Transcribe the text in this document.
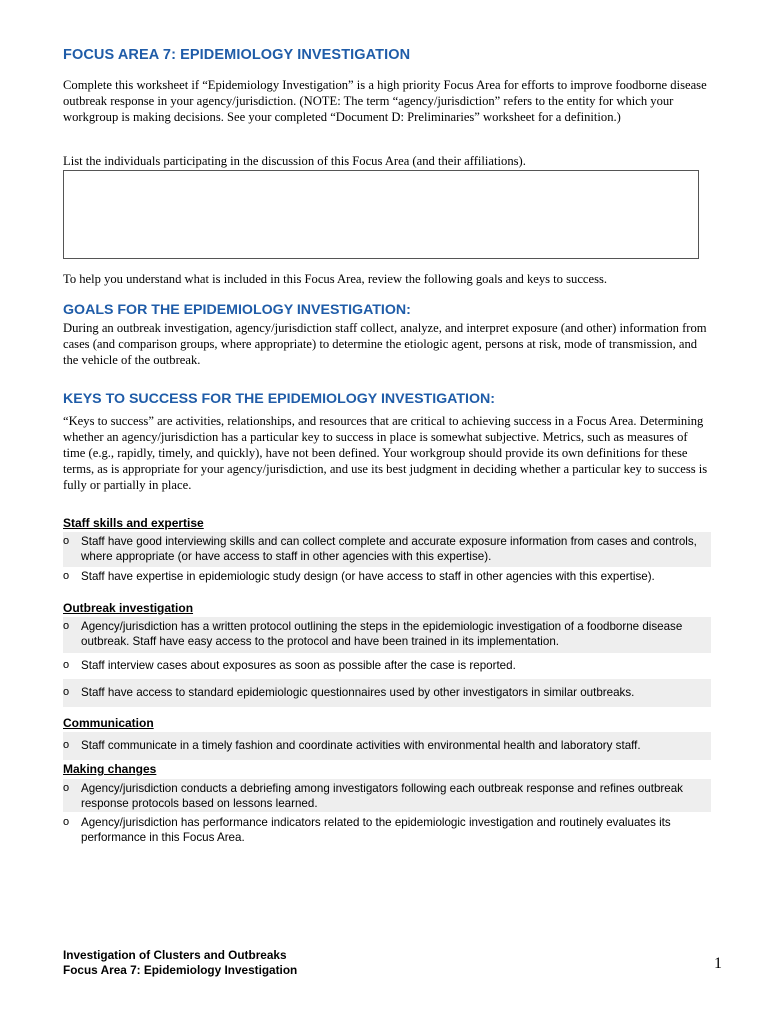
FOCUS AREA 7: EPIDEMIOLOGY INVESTIGATION
Complete this worksheet if “Epidemiology Investigation” is a high priority Focus Area for efforts to improve foodborne disease outbreak response in your agency/jurisdiction. (NOTE: The term “agency/jurisdiction” refers to the entity for which your workgroup is making decisions. See your completed “Document D: Preliminaries” worksheet for a definition.)
List the individuals participating in the discussion of this Focus Area (and their affiliations).
To help you understand what is included in this Focus Area, review the following goals and keys to success.
GOALS FOR THE EPIDEMIOLOGY INVESTIGATION:
During an outbreak investigation, agency/jurisdiction staff collect, analyze, and interpret exposure (and other) information from cases (and comparison groups, where appropriate) to determine the etiologic agent, persons at risk, mode of transmission, and the vehicle of the outbreak.
KEYS TO SUCCESS FOR THE EPIDEMIOLOGY INVESTIGATION:
“Keys to success” are activities, relationships, and resources that are critical to achieving success in a Focus Area. Determining whether an agency/jurisdiction has a particular key to success in place is somewhat subjective. Metrics, such as measures of time (e.g., rapidly, timely, and quickly), have not been defined. Your workgroup should provide its own definitions for these terms, as is appropriate for your agency/jurisdiction, and use its best judgment in deciding whether a particular key to success is fully or partially in place.
Staff skills and expertise
o	Staff have good interviewing skills and can collect complete and accurate exposure information from cases and controls, where appropriate (or have access to staff in other agencies with this expertise).
o	Staff have expertise in epidemiologic study design (or have access to staff in other agencies with this expertise).
Outbreak investigation
o	Agency/jurisdiction has a written protocol outlining the steps in the epidemiologic investigation of a foodborne disease outbreak. Staff have easy access to the protocol and have been trained in its implementation.
o	Staff interview cases about exposures as soon as possible after the case is reported.
o	Staff have access to standard epidemiologic questionnaires used by other investigators in similar outbreaks.
Communication
o	Staff communicate in a timely fashion and coordinate activities with environmental health and laboratory staff.
Making changes
o	Agency/jurisdiction conducts a debriefing among investigators following each outbreak response and refines outbreak response protocols based on lessons learned.
o	Agency/jurisdiction has performance indicators related to the epidemiologic investigation and routinely evaluates its performance in this Focus Area.
Investigation of Clusters and Outbreaks
Focus Area 7: Epidemiology Investigation	1
